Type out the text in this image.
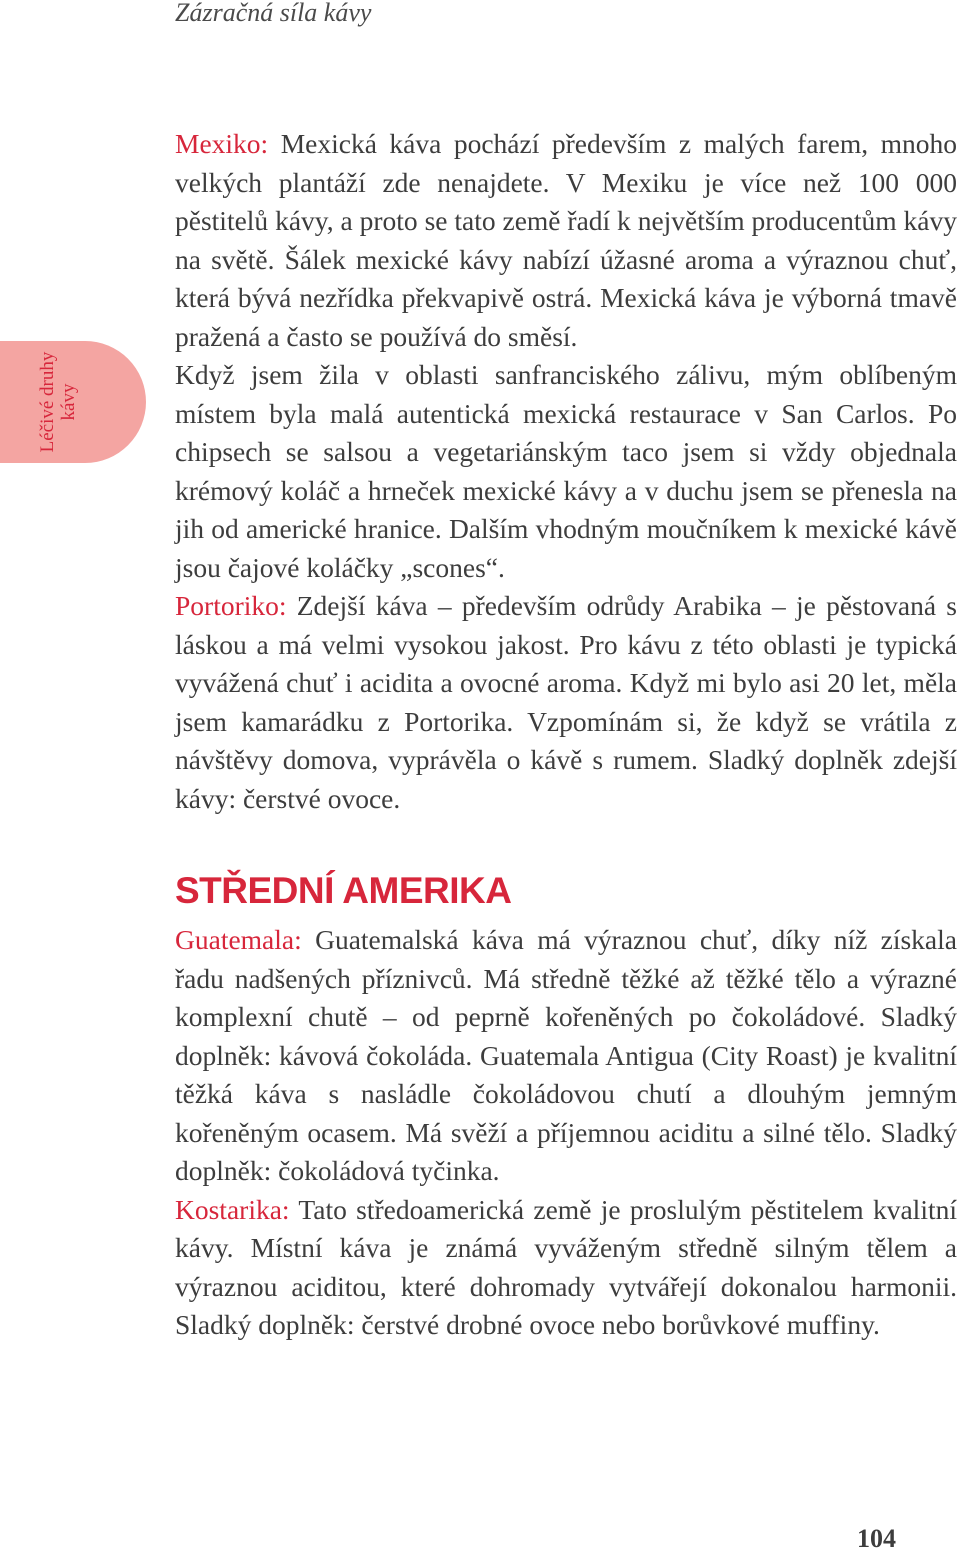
Zázračná síla kávy
Léčivé druhy kávy

Mexiko: Mexická káva pochází především z malých farem, mnoho velkých plantáží zde nenajdete. V Mexiku je více než 100 000 pěstitelů kávy, a proto se tato země řadí k největším producentům kávy na světě. Šálek mexické kávy nabízí úžasné aroma a výraznou chuť, která bývá nezřídka překvapivě ostrá. Mexická káva je výborná tmavě pražená a často se používá do směsí.

Když jsem žila v oblasti sanfranciského zálivu, mým oblíbeným místem byla malá autentická mexická restaurace v San Carlos. Po chipsech se salsou a vegetariánským taco jsem si vždy objednala krémový koláč a hrneček mexické kávy a v duchu jsem se přenesla na jih od americké hranice. Dalším vhodným moučníkem k mexické kávě jsou čajové koláčky „scones“.

Portoriko: Zdejší káva – především odrůdy Arabika – je pěstovaná s láskou a má velmi vysokou jakost. Pro kávu z této oblasti je typická vyvážená chuť i acidita a ovocné aroma. Když mi bylo asi 20 let, měla jsem kamarádku z Portorika. Vzpomínám si, že když se vrátila z návštěvy domova, vyprávěla o kávě s rumem. Sladký doplněk zdejší kávy: čerstvé ovoce.

STŘEDNÍ AMERIKA

Guatemala: Guatemalská káva má výraznou chuť, díky níž získala řadu nadšených příznivců. Má středně těžké až těžké tělo a výrazné komplexní chutě – od peprně kořeněných po čokoládové. Sladký doplněk: kávová čokoláda. Guatemala Antigua (City Roast) je kvalitní těžká káva s nasládle čokoládovou chutí a dlouhým jemným kořeněným ocasem. Má svěží a příjemnou aciditu a silné tělo. Sladký doplněk: čokoládová tyčinka.

Kostarika: Tato středoamerická země je proslulým pěstitelem kvalitní kávy. Místní káva je známá vyváženým středně silným tělem a výraznou aciditou, které dohromady vytvářejí dokonalou harmonii. Sladký doplněk: čerstvé drobné ovoce nebo borůvkové muffiny.

104
